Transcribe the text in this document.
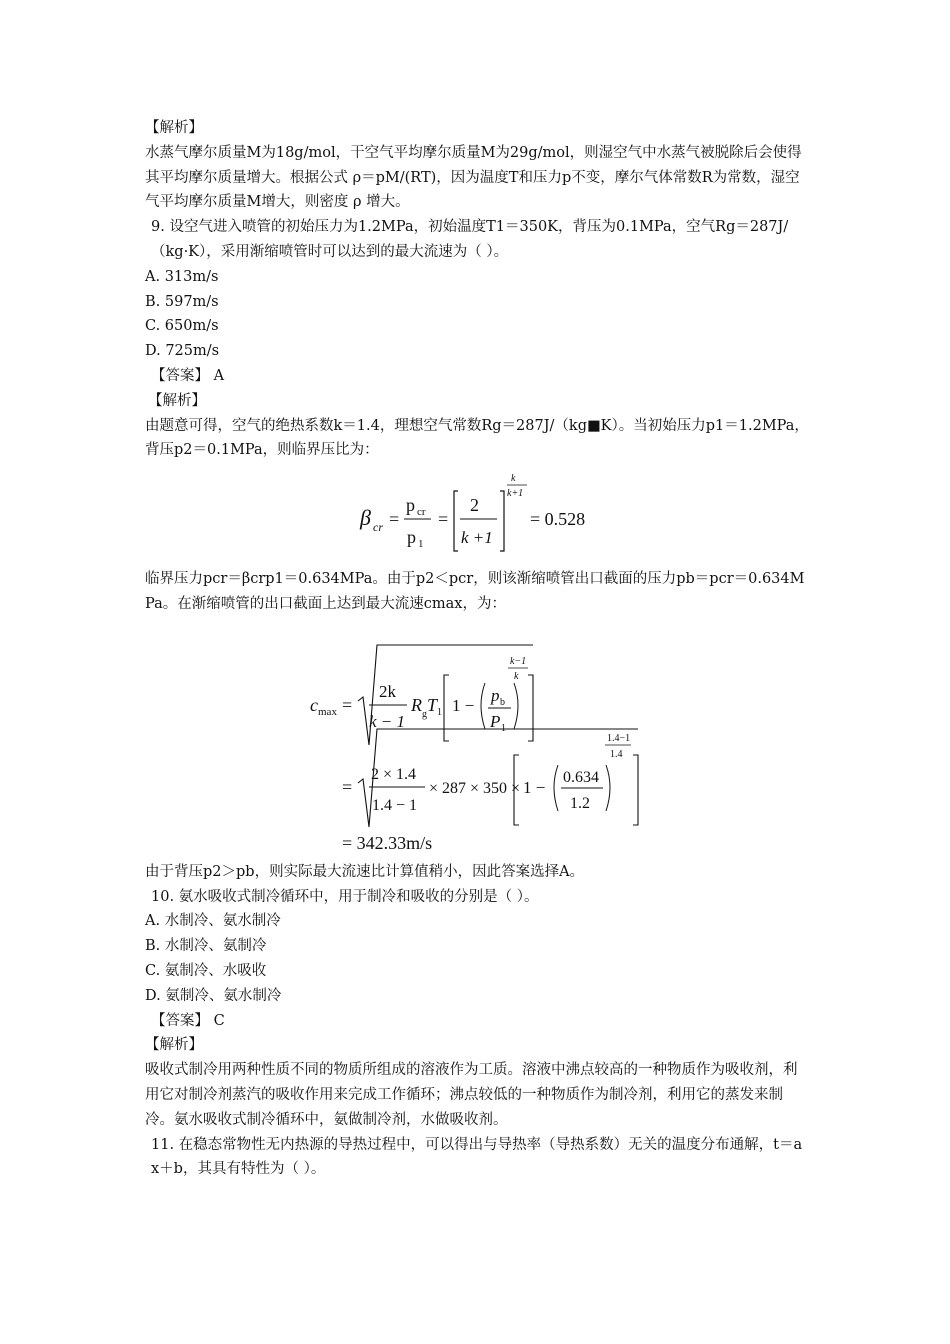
【解析】

水蒸气摩尔质量M为18g/mol，干空气平均摩尔质量M为29g/mol，则湿空气中水蒸气被脱除后会使得其平均摩尔质量增大。根据公式 ρ＝pM/(RT)，因为温度T和压力p不变，摩尔气体常数R为常数，湿空气平均摩尔质量M增大，则密度 ρ 增大。

9. 设空气进入喷管的初始压力为1.2MPa，初始温度T1＝350K，背压为0.1MPa，空气Rg＝287J/（kg·K），采用渐缩喷管时可以达到的最大流速为（ ）。

A. 313m/s

B. 597m/s

C. 650m/s

D. 725m/s

【答案】 A

【解析】

由题意可得，空气的绝热系数k＝1.4，理想空气常数Rg＝287J/（kg■K）。当初始压力p1＝1.2MPa，背压p2＝0.1MPa，则临界压比为：

β cr =
p cr
p 1
=
2
k +1
k
k+1
= 0.528

临界压力pcr＝βcrp1＝0.634MPa。由于p2＜pcr，则该渐缩喷管出口截面的压力pb＝pcr＝0.634MPa。在渐缩喷管的出口截面上达到最大流速cmax，为：

c max =
2k
k − 1
R g T 1 1 −
p b
P 1
k−1
k
=
2 × 1.4
1.4 − 1
× 287 × 350 × 1 −
0.634
1.2
1.4−1
1.4
= 342.33m/s

由于背压p2＞pb，则实际最大流速比计算值稍小，因此答案选择A。

10. 氨水吸收式制冷循环中，用于制冷和吸收的分别是（ ）。

A. 水制冷、氨水制冷

B. 水制冷、氨制冷

C. 氨制冷、水吸收

D. 氨制冷、氨水制冷

【答案】 C

【解析】

吸收式制冷用两种性质不同的物质所组成的溶液作为工质。溶液中沸点较高的一种物质作为吸收剂，利用它对制冷剂蒸汽的吸收作用来完成工作循环；沸点较低的一种物质作为制冷剂，利用它的蒸发来制冷。氨水吸收式制冷循环中，氨做制冷剂，水做吸收剂。

11. 在稳态常物性无内热源的导热过程中，可以得出与导热率（导热系数）无关的温度分布通解，t＝ax＋b，其具有特性为（ ）。
